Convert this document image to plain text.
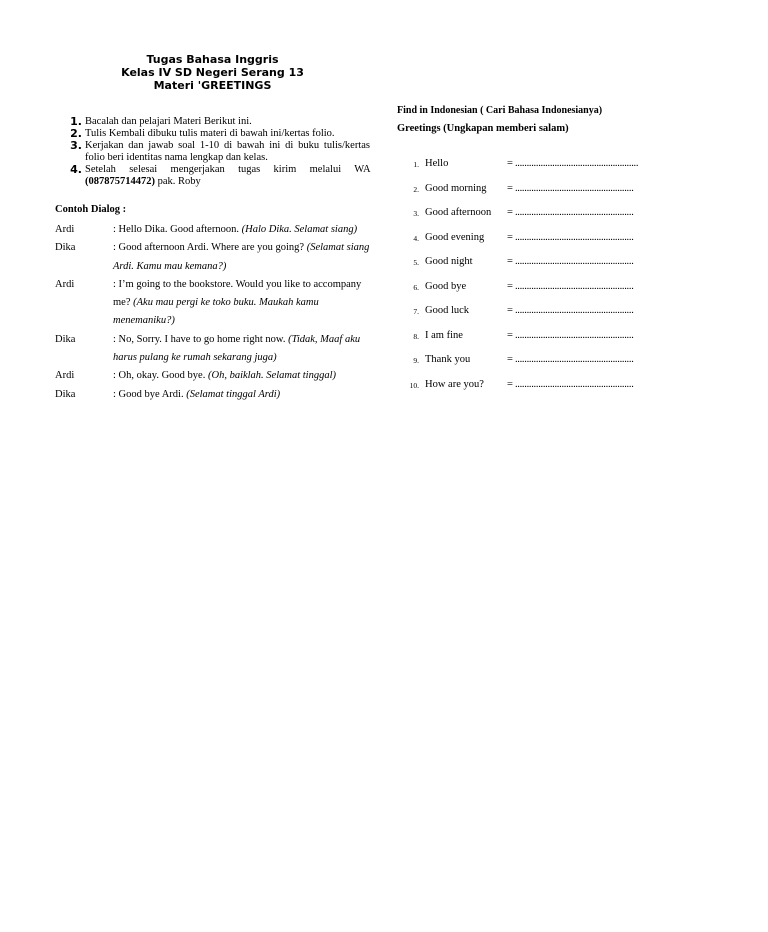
Tugas Bahasa Inggris
Kelas IV SD Negeri Serang 13
Materi 'GREETINGS
1. Bacalah dan pelajari Materi Berikut ini.
2. Tulis Kembali dibuku tulis materi di bawah ini/kertas folio.
3. Kerjakan dan jawab soal 1-10 di bawah ini di buku tulis/kertas folio beri identitas nama lengkap dan kelas.
4. Setelah selesai mengerjakan tugas kirim melalui WA (087875714472) pak. Roby
Contoh Dialog :
Ardi	: Hello Dika. Good afternoon. (Halo Dika. Selamat siang)
Dika	: Good afternoon Ardi. Where are you going? (Selamat siang Ardi. Kamu mau kemana?)
Ardi	: I’m going to the bookstore. Would you like to accompany me? (Aku mau pergi ke toko buku. Maukah kamu menemaniku?)
Dika	: No, Sorry. I have to go home right now. (Tidak, Maaf aku harus pulang ke rumah sekarang juga)
Ardi	: Oh, okay. Good bye. (Oh, baiklah. Selamat tinggal)
Dika	: Good bye Ardi. (Selamat tinggal Ardi)
Find in Indonesian ( Cari Bahasa Indonesianya)
Greetings (Ungkapan memberi salam)
1. Hello	= .....................................................
2. Good morning = ...................................................
3. Good afternoon = ...................................................
4. Good evening = ...................................................
5. Good night	= ...................................................
6. Good bye	= ...................................................
7. Good luck	= ...................................................
8. I am fine	= ...................................................
9. Thank you	= ...................................................
10. How are you? = ...................................................
